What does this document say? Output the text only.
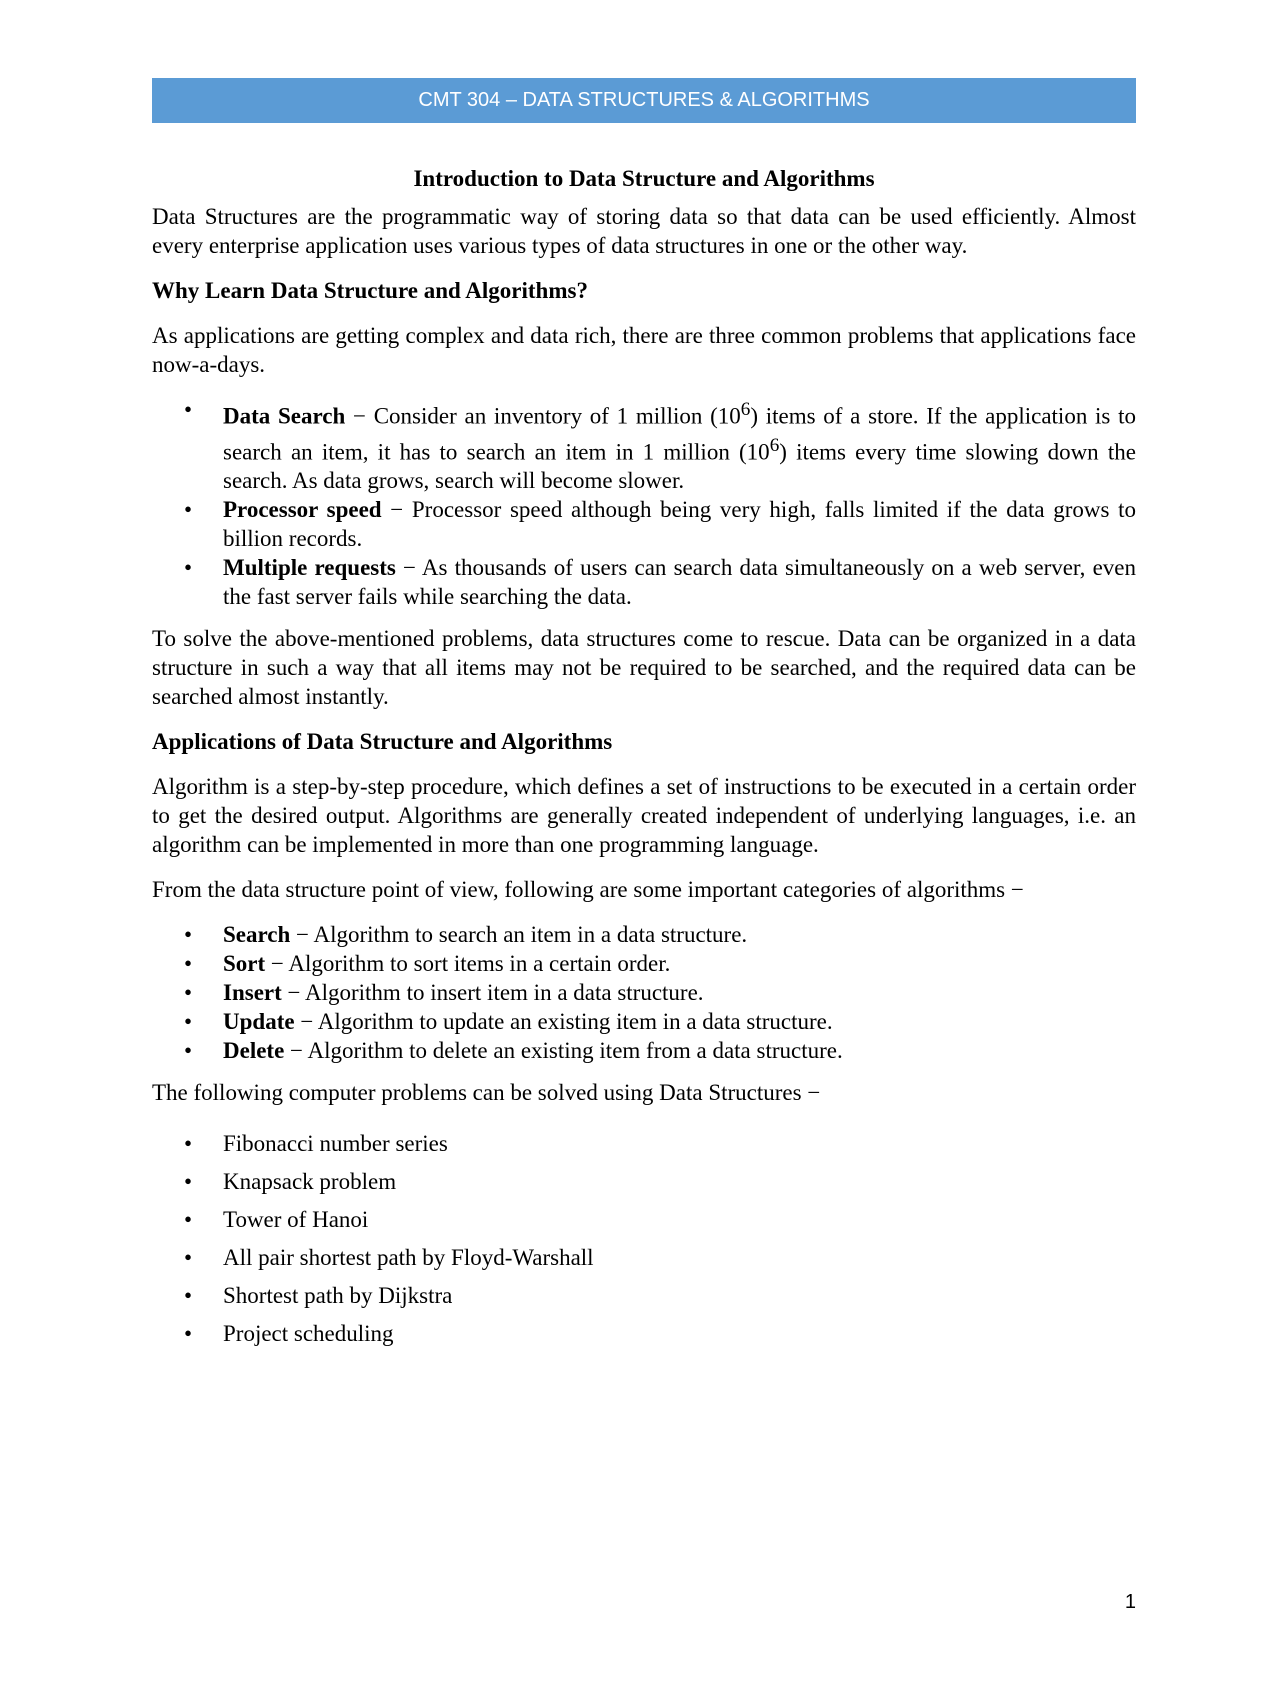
CMT 304 – DATA STRUCTURES & ALGORITHMS
Introduction to Data Structure and Algorithms
Data Structures are the programmatic way of storing data so that data can be used efficiently. Almost every enterprise application uses various types of data structures in one or the other way.
Why Learn Data Structure and Algorithms?
As applications are getting complex and data rich, there are three common problems that applications face now-a-days.
• Data Search − Consider an inventory of 1 million $(10^6)$ items of a store. If the application is to search an item, it has to search an item in 1 million $(10^6)$ items every time slowing down the search. As data grows, search will become slower.
• Processor speed − Processor speed although being very high, falls limited if the data grows to billion records.
• Multiple requests − As thousands of users can search data simultaneously on a web server, even the fast server fails while searching the data.
To solve the above-mentioned problems, data structures come to rescue. Data can be organized in a data structure in such a way that all items may not be required to be searched, and the required data can be searched almost instantly.
Applications of Data Structure and Algorithms
Algorithm is a step-by-step procedure, which defines a set of instructions to be executed in a certain order to get the desired output. Algorithms are generally created independent of underlying languages, i.e. an algorithm can be implemented in more than one programming language.
From the data structure point of view, following are some important categories of algorithms −
• Search − Algorithm to search an item in a data structure.
• Sort − Algorithm to sort items in a certain order.
• Insert − Algorithm to insert item in a data structure.
• Update − Algorithm to update an existing item in a data structure.
• Delete − Algorithm to delete an existing item from a data structure.
The following computer problems can be solved using Data Structures −
• Fibonacci number series
• Knapsack problem
• Tower of Hanoi
• All pair shortest path by Floyd-Warshall
• Shortest path by Dijkstra
• Project scheduling
1
